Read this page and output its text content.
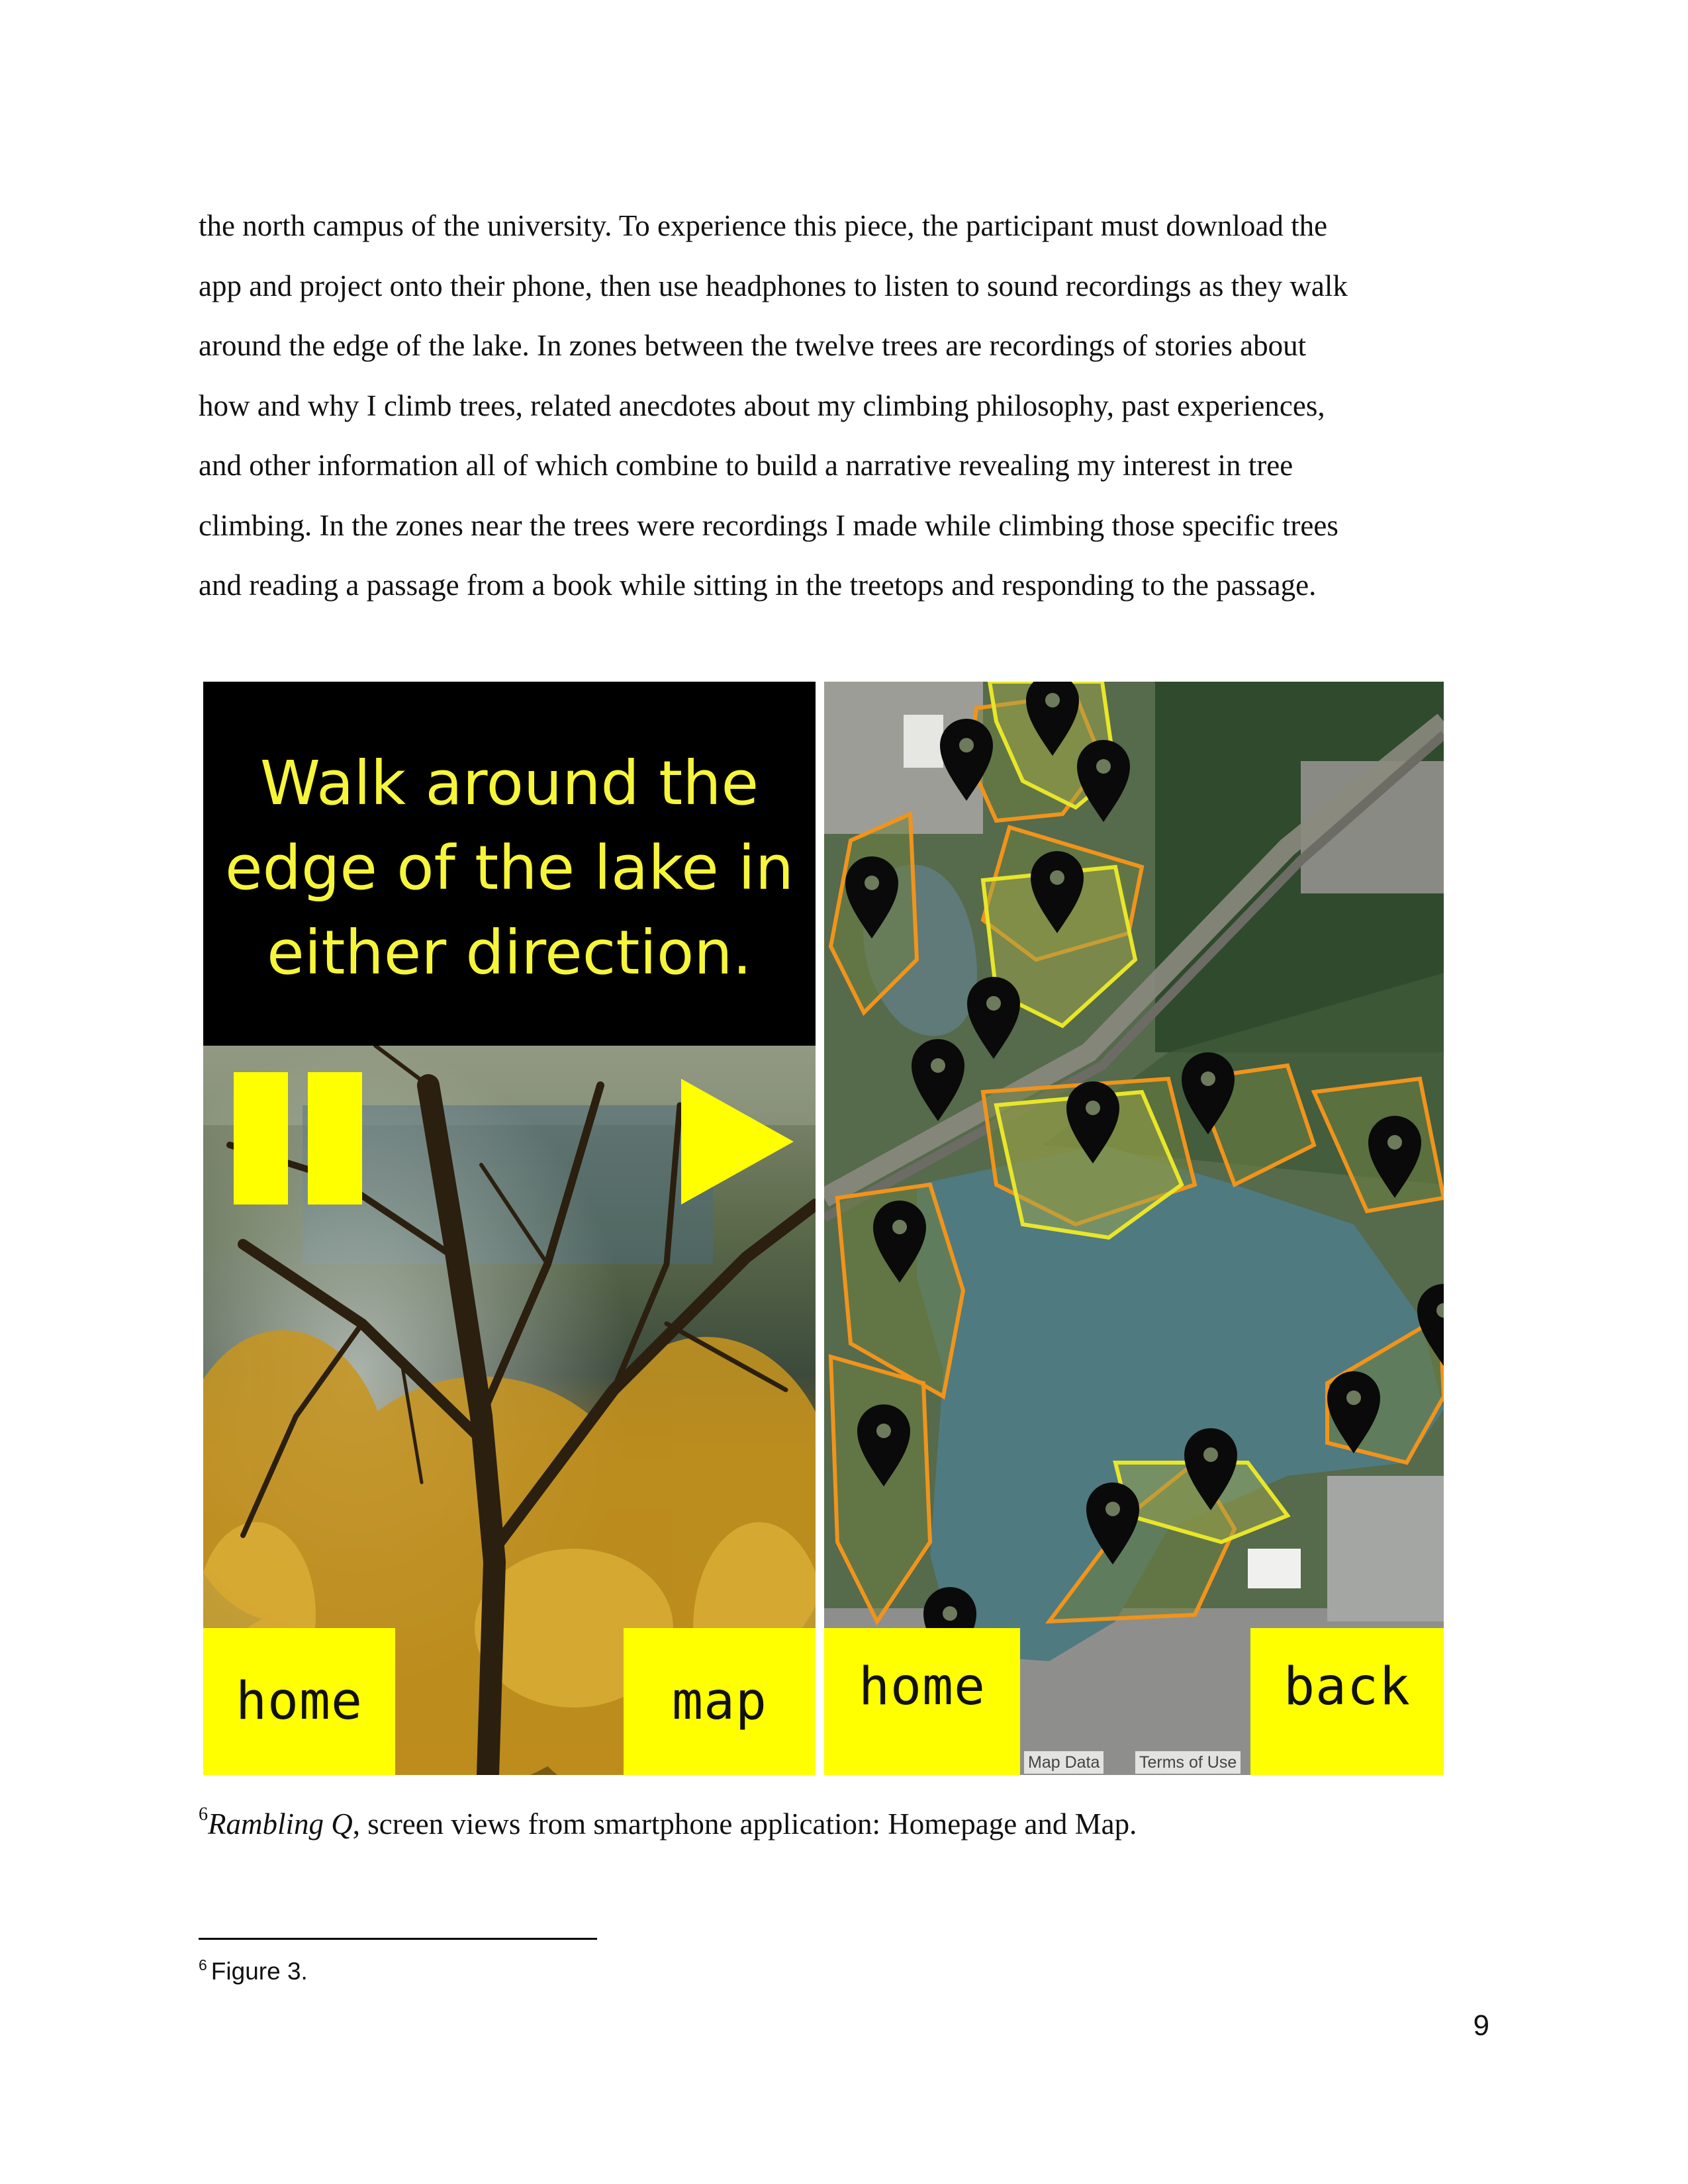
the north campus of the university. To experience this piece, the participant must download the
app and project onto their phone, then use headphones to listen to sound recordings as they walk
around the edge of the lake. In zones between the twelve trees are recordings of stories about
how and why I climb trees, related anecdotes about my climbing philosophy, past experiences,
and other information all of which combine to build a narrative revealing my interest in tree
climbing. In the zones near the trees were recordings I made while climbing those specific trees
and reading a passage from a book while sitting in the treetops and responding to the passage.
Walk around the
edge of the lake in
either direction.
home	map	home	back
Map Data Terms of Use
$^6$Rambling Q, screen views from smartphone application: Homepage and Map.
$^6$ Figure 3.
9
